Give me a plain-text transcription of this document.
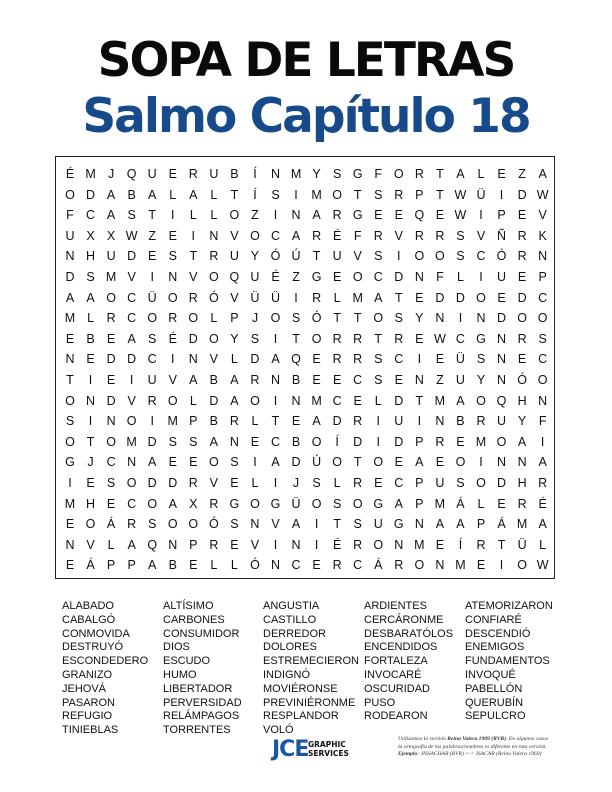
SOPA DE LETRAS
Salmo Capítulo 18
É M J	Q U E R U B	Í	N M Y S G F O R T	A	L	E	Z	A
O D A B A	L	A	L	T	Í	S	I	M O T	S R P	T W Ü	I	D W
F C A S	T	I	L	L O Z	I	N A R G E E Q E W	I	P E V
U X X W Z	E	I	N V O C A R É	F R V R R S V Ñ R K
N H U D E S	T R U Y Ó Ú T U V S	I	O O S C Ó R N
D S M V	I	N V O Q U É	Z G E O C D N F	L	I	U E P
A A O C Ü O R Ó V Ü Ü	I	R	L M A	T	E D D O E D C
M L	R C O R O L	P	J	O S Ó T	T O S Y N	I	N D O O
E B E A S É D O Y S	I	T O R R T R E W C G N R S
N E D D C	I	N V	L	D A Q E R R S C	I	E Ü S N E C
T	I	E	I	U V A B A R N B E E C S E N Z U Y N Ó O
O N D V R O L	D A O	I	N M C E	L	D T M A O Q H N
S	I	N O	I	M P B R	L	T	E A D R	I	U	I	N B R U Y	F
O T O M D S S A N E C B O	Í	D	I	D P R E M O A	I
G	J	C N A E E O S	I	A D Ú O T O E A E O	I	N N A
I	E S O D D R V E	L	I	J	S	L	R E C P U S O D H R
M H E C O A X R G O G Ü O S O G A P M Á	L	E R É
E O Á R S O O Ó S N V A	I	T	S U G N A A P Á M A
N V	L	A Q N P R E V	I	N	I	É R O N M E	Í	R T Ü	L
E Á P P A B E	L	L Ó N C E R C Á R O N M E	I	O W
ALABADO
CABALGÓ
CONMOVIDA
DESTRUYÓ
ESCONDEDERO
GRANIZO
JEHOVÁ
PASARON
REFUGIO
TINIEBLAS
ALTÍSIMO
CARBONES
CONSUMIDOR
DIOS
ESCUDO
HUMO
LIBERTADOR
PERVERSIDAD
RELÁMPAGOS
TORRENTES
ANGUSTIA
CASTILLO
DERREDOR
DOLORES
ESTREMECIERON
INDIGNÓ
MOVIÉRONSE
PREVINIÉRONME
RESPLANDOR
VOLÓ
ARDIENTES
CERCÁRONME
DESBARATÓLOS
ENCENDIDOS
FORTALEZA
INVOCARÉ
OSCURIDAD
PUSO
RODEARON
ATEMORIZARON
CONFIARÉ
DESCENDIÓ
ENEMIGOS
FUNDAMENTOS
INVOQUÉ
PABELLÓN
QUERUBÍN
SEPULCRO
JCE GRAPHIC
SERVICES
Utilizamos la versión Reina Valera 1909 (RVR). En algunos casos
la ortografía de las palabras/nombres es diferente en esta versión.
Ejemplo: JISSACHAR (RVR) <-> ISACAR (Reina Valera 1960)
